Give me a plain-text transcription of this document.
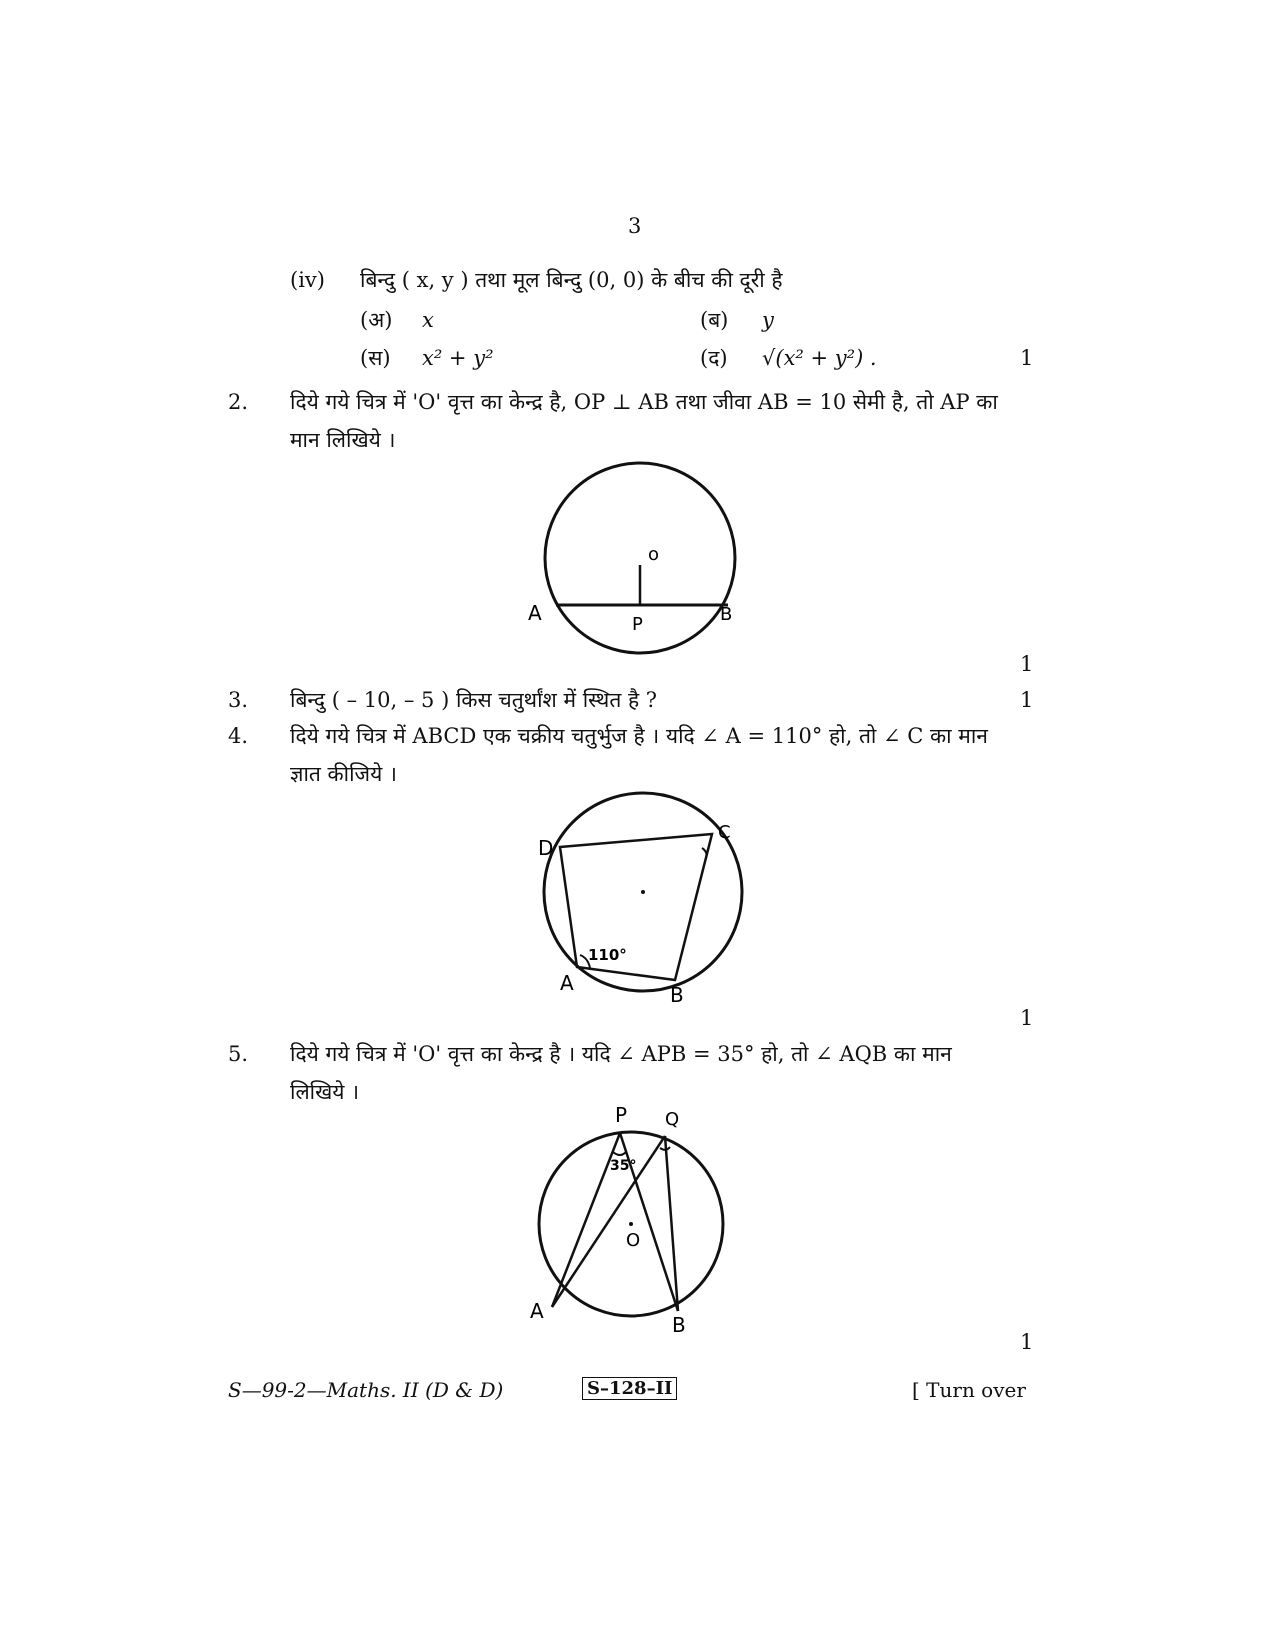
3
(iv) बिन्दु ( x, y ) तथा मूल बिन्दु (0, 0) के बीच की दूरी है
(अ) x	(ब) y
(स) x² + y²	(द) √(x² + y²) .	1
2. दिये गये चित्र में 'O' वृत्त का केन्द्र है, OP ⊥ AB तथा जीवा AB = 10 सेमी है, तो AP का
मान लिखिये ।
o
A	P	B
1
3. बिन्दु ( – 10, – 5 ) किस चतुर्थांश में स्थित है ?	1
4. दिये गये चित्र में ABCD एक चक्रीय चतुर्भुज है । यदि ∠ A = 110° हो, तो ∠ C का मान
ज्ञात कीजिये ।
D
C
A	B
110°
1
5. दिये गये चित्र में 'O' वृत्त का केन्द्र है । यदि ∠ APB = 35° हो, तो ∠ AQB का मान
लिखिये ।
P Q
O
A
B
35°
1
S—99-2—Maths. II (D & D)	S–128–II	[ Turn over
